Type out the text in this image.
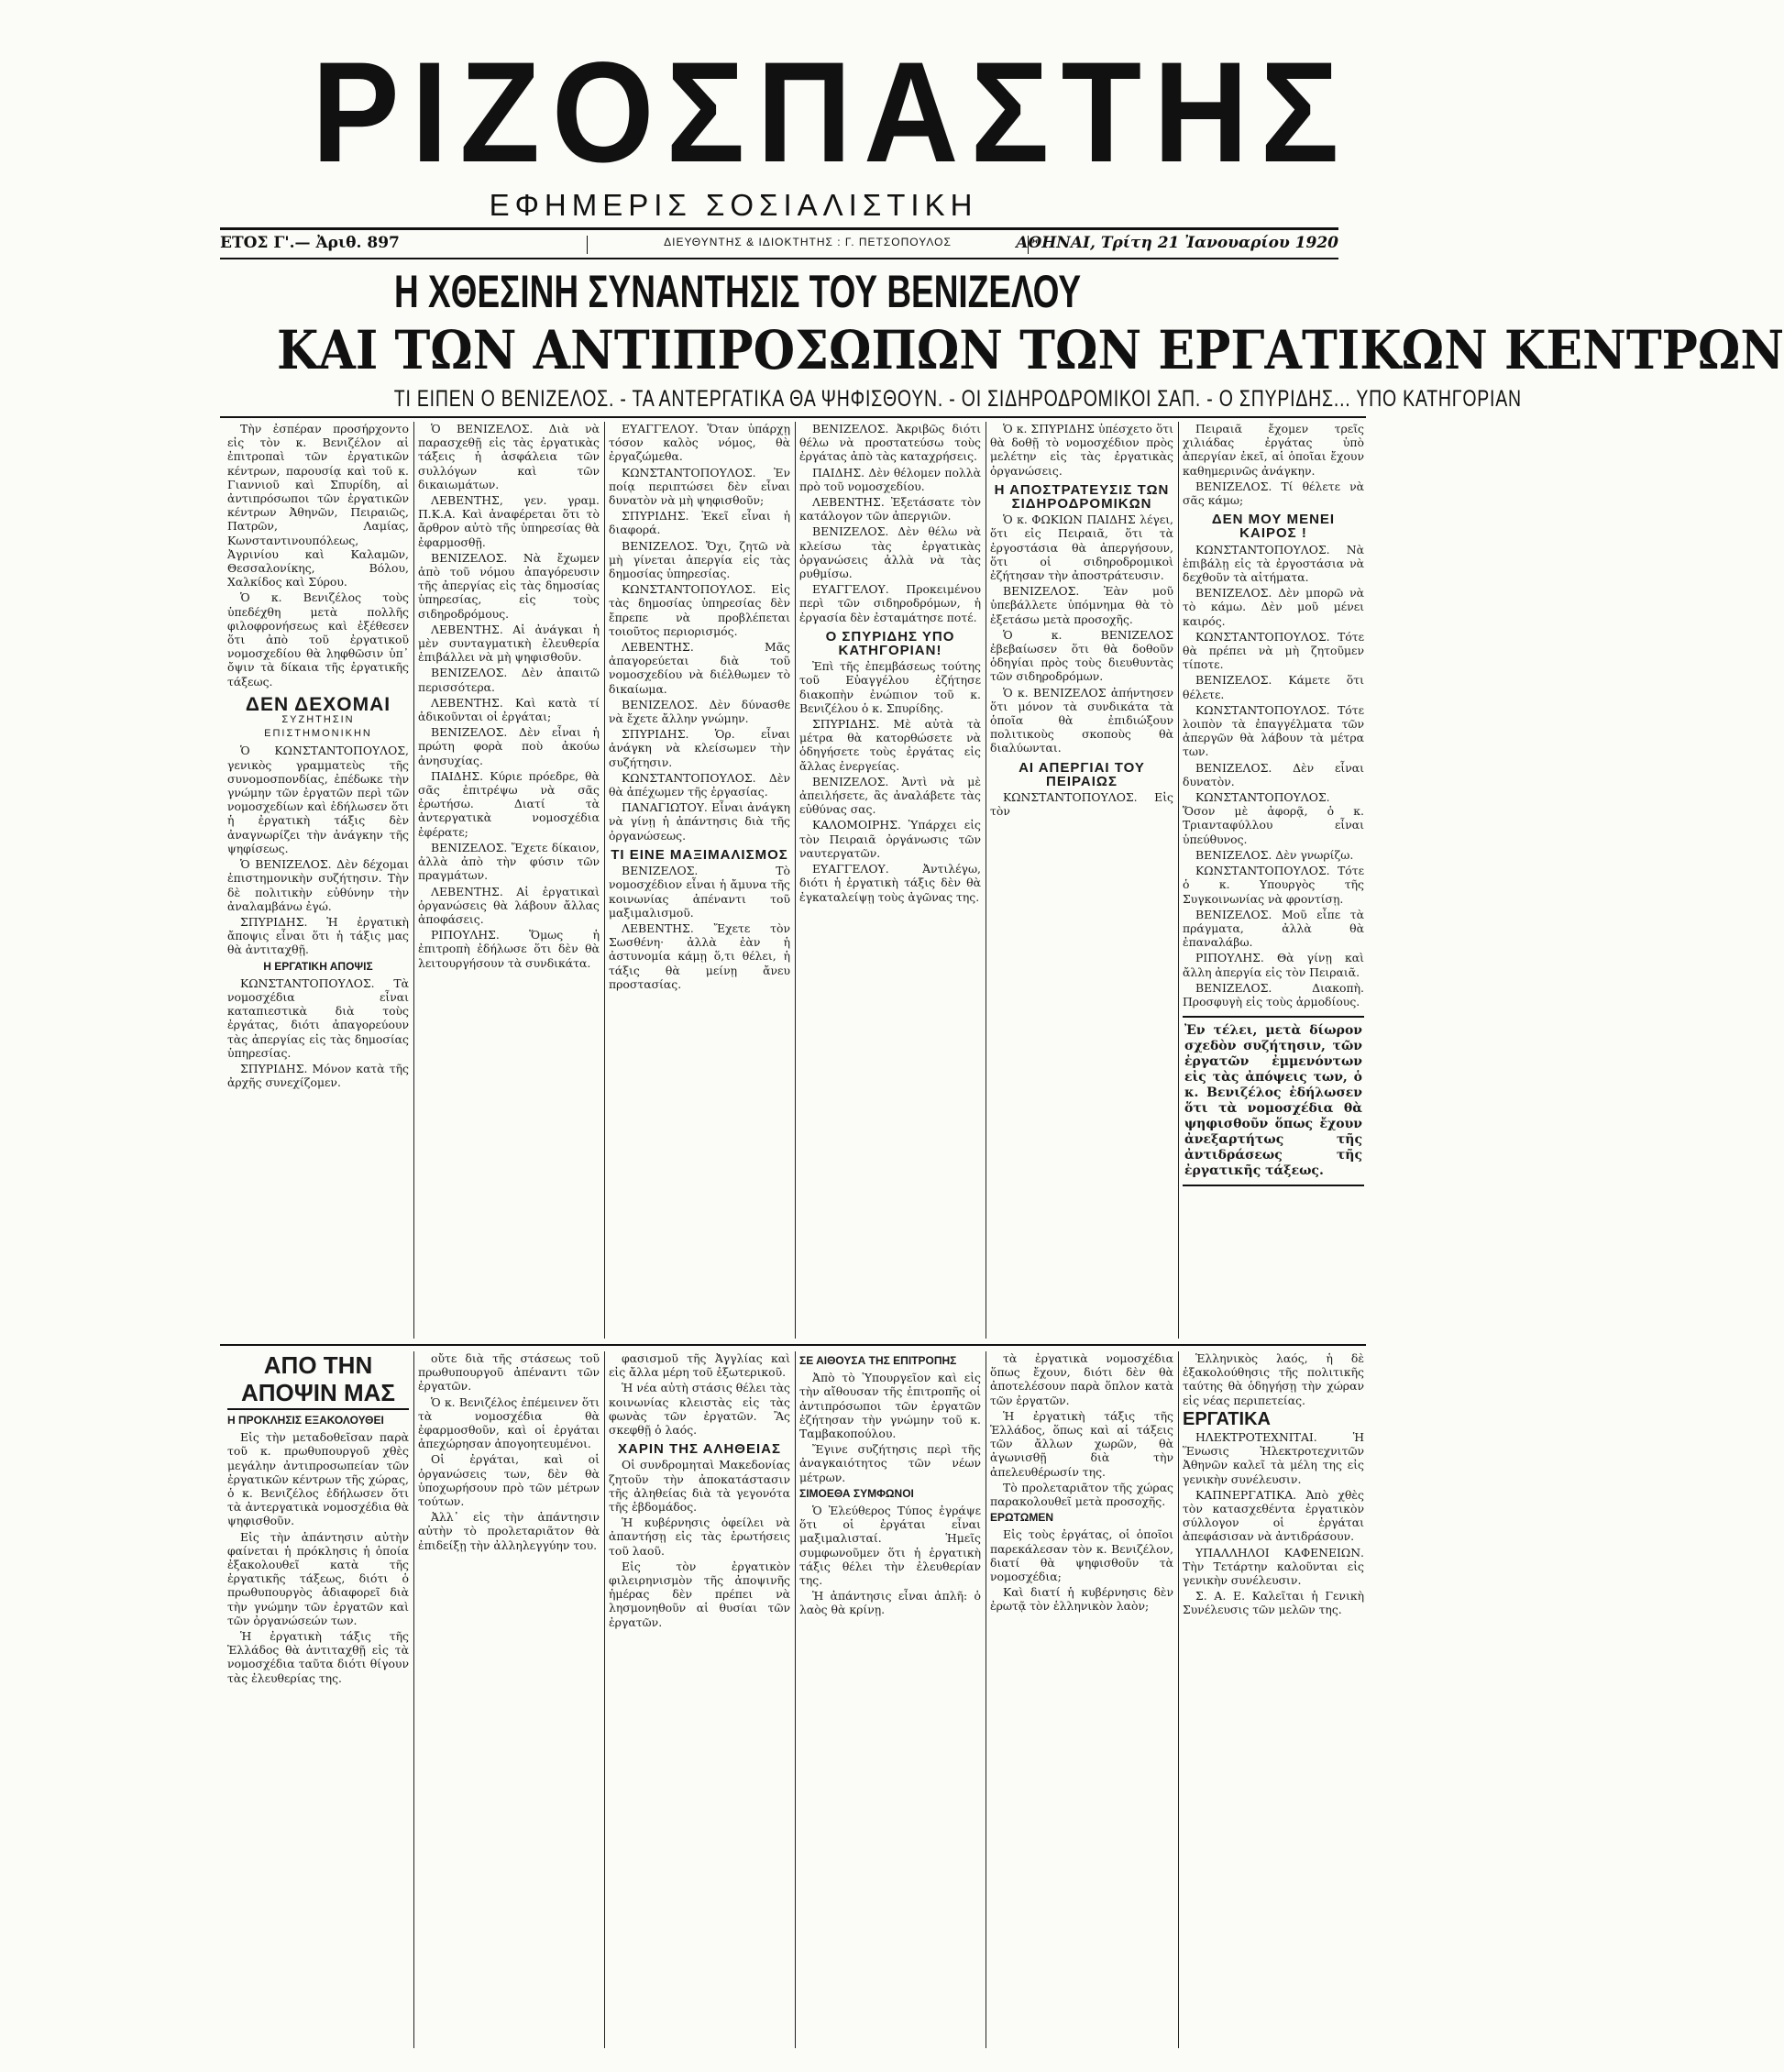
ΡΙΖΟΣΠΑΣΤΗΣ
ΕΦΗΜΕΡΙΣ ΣΟΣΙΑΛΙΣΤΙΚΗ
ΕΤΟΣ Γ'.— Ἀριθ. 897	ΔΙΕΥΘΥΝΤΗΣ & ΙΔΙΟΚΤΗΤΗΣ : Γ. ΠΕΤΣΟΠΟΥΛΟΣ	ΑΘΗΝΑΙ, Τρίτη 21 Ἰανουαρίου 1920
Η ΧΘΕΣΙΝΗ ΣΥΝΑΝΤΗΣΙΣ ΤΟΥ ΒΕΝΙΖΕΛΟΥ
ΚΑΙ ΤΩΝ ΑΝΤΙΠΡΟΣΩΠΩΝ ΤΩΝ ΕΡΓΑΤΙΚΩΝ ΚΕΝΤΡΩΝ
ΤΙ ΕΙΠΕΝ Ο ΒΕΝΙΖΕΛΟΣ. - ΤΑ ΑΝΤΕΡΓΑΤΙΚΑ ΘΑ ΨΗΦΙΣΘΟΥΝ. - ΟΙ ΣΙΔΗΡΟΔΡΟΜΙΚΟΙ ΣΑΠ. - Ο ΣΠΥΡΙΔΗΣ... ΥΠΟ ΚΑΤΗΓΟΡΙΑΝ

Τὴν ἐσπέραν προσήρχοντο εἰς τὸν κ. Βενιζέλον αἱ ἐπιτροπαὶ τῶν ἐργατικῶν κέντρων, παρουσίᾳ καὶ τοῦ κ. Γιαννιοῦ καὶ Σπυρίδη, αἱ ἀντιπρόσωποι τῶν ἐργατικῶν κέντρων Ἀθηνῶν, Πειραιῶς, Πατρῶν, Λαμίας, Κωνσταντινουπόλεως, Ἀγρινίου καὶ Καλαμῶν, Θεσσαλονίκης, Βόλου, Χαλκίδος καὶ Σύρου.

Ὁ κ. Βενιζέλος τοὺς ὑπεδέχθη μετὰ πολλῆς φιλοφρονήσεως καὶ ἐξέθεσεν ὅτι ἀπὸ τοῦ ἐργατικοῦ νομοσχεδίου θὰ ληφθῶσιν ὑπ᾿ ὄψιν τὰ δίκαια τῆς ἐργατικῆς τάξεως.

ΔΕΝ ΔΕΧΟΜΑΙ
ΣΥΖΗΤΗΣΙΝ ΕΠΙΣΤΗΜΟΝΙΚΗΝ

Ὁ ΚΩΝΣΤΑΝΤΟΠΟΥΛΟΣ, γενικὸς γραμματεὺς τῆς συνομοσπονδίας, ἐπέδωκε τὴν γνώμην τῶν ἐργατῶν περὶ τῶν νομοσχεδίων καὶ ἐδήλωσεν ὅτι ἡ ἐργατικὴ τάξις δὲν ἀναγνωρίζει τὴν ἀνάγκην τῆς ψηφίσεως.

Ὁ ΒΕΝΙΖΕΛΟΣ. Δὲν δέχομαι ἐπιστημονικὴν συζήτησιν. Τὴν δὲ πολιτικὴν εὐθύνην τὴν ἀναλαμβάνω ἐγώ.

ΣΠΥΡΙΔΗΣ. Ἡ ἐργατικὴ ἄποψις εἶναι ὅτι ἡ τάξις μας θὰ ἀντιταχθῇ.

Η ΕΡΓΑΤΙΚΗ ΑΠΟΨΙΣ

ΚΩΝΣΤΑΝΤΟΠΟΥΛΟΣ. Τὰ νομοσχέδια εἶναι καταπιεστικὰ διὰ τοὺς ἐργάτας, διότι ἀπαγορεύουν τὰς ἀπεργίας εἰς τὰς δημοσίας ὑπηρεσίας.

ΣΠΥΡΙΔΗΣ. Μόνον κατὰ τῆς ἀρχῆς συνεχίζομεν.

Ὁ ΒΕΝΙΖΕΛΟΣ. Διὰ νὰ παρασχεθῇ εἰς τὰς ἐργατικὰς τάξεις ἡ ἀσφάλεια τῶν συλλόγων καὶ τῶν δικαιωμάτων.

ΛΕΒΕΝΤΗΣ, γεν. γραμ. Π.Κ.Α. Καὶ ἀναφέρεται ὅτι τὸ ἄρθρον αὐτὸ τῆς ὑπηρεσίας θὰ ἐφαρμοσθῇ.

ΒΕΝΙΖΕΛΟΣ. Νὰ ἔχωμεν ἀπὸ τοῦ νόμου ἀπαγόρευσιν τῆς ἀπεργίας εἰς τὰς δημοσίας ὑπηρεσίας, εἰς τοὺς σιδηροδρόμους.

ΛΕΒΕΝΤΗΣ. Αἱ ἀνάγκαι ἡ μὲν συνταγματικὴ ἐλευθερία ἐπιβάλλει νὰ μὴ ψηφισθοῦν.

ΒΕΝΙΖΕΛΟΣ. Δὲν ἀπαιτῶ περισσότερα.

ΛΕΒΕΝΤΗΣ. Καὶ κατὰ τί ἀδικοῦνται οἱ ἐργάται;

ΒΕΝΙΖΕΛΟΣ. Δὲν εἶναι ἡ πρώτη φορὰ ποὺ ἀκούω ἀνησυχίας.

ΠΑΙΔΗΣ. Κύριε πρόεδρε, θὰ σᾶς ἐπιτρέψω νὰ σᾶς ἐρωτήσω. Διατί τὰ ἀντεργατικὰ νομοσχέδια ἐφέρατε;

ΒΕΝΙΖΕΛΟΣ. Ἔχετε δίκαιον, ἀλλὰ ἀπὸ τὴν φύσιν τῶν πραγμάτων.

ΛΕΒΕΝΤΗΣ. Αἱ ἐργατικαὶ ὀργανώσεις θὰ λάβουν ἄλλας ἀποφάσεις.

ΡΙΠΟΥΛΗΣ. Ὅμως ἡ ἐπιτροπὴ ἐδήλωσε ὅτι δὲν θὰ λειτουργήσουν τὰ συνδικάτα.

ΕΥΑΓΓΕΛΟΥ. Ὅταν ὑπάρχῃ τόσον καλὸς νόμος, θὰ ἐργαζώμεθα.

ΚΩΝΣΤΑΝΤΟΠΟΥΛΟΣ. Ἐν ποίᾳ περιπτώσει δὲν εἶναι δυνατὸν νὰ μὴ ψηφισθοῦν;

ΣΠΥΡΙΔΗΣ. Ἐκεῖ εἶναι ἡ διαφορά.

ΒΕΝΙΖΕΛΟΣ. Ὄχι, ζητῶ νὰ μὴ γίνεται ἀπεργία εἰς τὰς δημοσίας ὑπηρεσίας.

ΚΩΝΣΤΑΝΤΟΠΟΥΛΟΣ. Εἰς τὰς δημοσίας ὑπηρεσίας δὲν ἔπρεπε νὰ προβλέπεται τοιοῦτος περιορισμός.

ΛΕΒΕΝΤΗΣ. Μᾶς ἀπαγορεύεται διὰ τοῦ νομοσχεδίου νὰ διέλθωμεν τὸ δικαίωμα.

ΒΕΝΙΖΕΛΟΣ. Δὲν δύνασθε νὰ ἔχετε ἄλλην γνώμην.

ΣΠΥΡΙΔΗΣ. Ὁρ. εἶναι ἀνάγκη νὰ κλείσωμεν τὴν συζήτησιν.

ΚΩΝΣΤΑΝΤΟΠΟΥΛΟΣ. Δὲν θὰ ἀπέχωμεν τῆς ἐργασίας.

ΠΑΝΑΓΙΩΤΟΥ. Εἶναι ἀνάγκη νὰ γίνῃ ἡ ἀπάντησις διὰ τῆς ὀργανώσεως.

ΤΙ ΕΙΝΕ ΜΑΞΙΜΑΛΙΣΜΟΣ

ΒΕΝΙΖΕΛΟΣ. Τὸ νομοσχέδιον εἶναι ἡ ἄμυνα τῆς κοινωνίας ἀπέναντι τοῦ μαξιμαλισμοῦ.

ΛΕΒΕΝΤΗΣ. Ἔχετε τὸν Σωσθένη· ἀλλὰ ἐὰν ἡ ἀστυνομία κάμῃ ὅ,τι θέλει, ἡ τάξις θὰ μείνῃ ἄνευ προστασίας.

ΒΕΝΙΖΕΛΟΣ. Ἀκριβῶς διότι θέλω νὰ προστατεύσω τοὺς ἐργάτας ἀπὸ τὰς καταχρήσεις.

ΠΑΙΔΗΣ. Δὲν θέλομεν πολλὰ πρὸ τοῦ νομοσχεδίου.

ΛΕΒΕΝΤΗΣ. Ἐξετάσατε τὸν κατάλογον τῶν ἀπεργιῶν.

ΒΕΝΙΖΕΛΟΣ. Δὲν θέλω νὰ κλείσω τὰς ἐργατικὰς ὀργανώσεις ἀλλὰ νὰ τὰς ρυθμίσω.

ΕΥΑΓΓΕΛΟΥ. Προκειμένου περὶ τῶν σιδηροδρόμων, ἡ ἐργασία δὲν ἐσταμάτησε ποτέ.

Ο ΣΠΥΡΙΔΗΣ ΥΠΟ ΚΑΤΗΓΟΡΙΑΝ!

Ἐπὶ τῆς ἐπεμβάσεως τούτης τοῦ Εὐαγγέλου ἐζήτησε διακοπὴν ἐνώπιον τοῦ κ. Βενιζέλου ὁ κ. Σπυρίδης.

ΣΠΥΡΙΔΗΣ. Μὲ αὐτὰ τὰ μέτρα θὰ κατορθώσετε νὰ ὁδηγήσετε τοὺς ἐργάτας εἰς ἄλλας ἐνεργείας.

ΒΕΝΙΖΕΛΟΣ. Ἀντὶ νὰ μὲ ἀπειλήσετε, ἂς ἀναλάβετε τὰς εὐθύνας σας.

ΚΑΛΟΜΟΙΡΗΣ. Ὑπάρχει εἰς τὸν Πειραιᾶ ὀργάνωσις τῶν ναυτεργατῶν.

ΕΥΑΓΓΕΛΟΥ. Ἀντιλέγω, διότι ἡ ἐργατικὴ τάξις δὲν θὰ ἐγκαταλείψῃ τοὺς ἀγῶνας της.

Ὁ κ. ΣΠΥΡΙΔΗΣ ὑπέσχετο ὅτι θὰ δοθῇ τὸ νομοσχέδιον πρὸς μελέτην εἰς τὰς ἐργατικὰς ὀργανώσεις.

Η ΑΠΟΣΤΡΑΤΕΥΣΙΣ ΤΩΝ ΣΙΔΗΡΟΔΡΟΜΙΚΩΝ

Ὁ κ. ΦΩΚΙΩΝ ΠΑΙΔΗΣ λέγει, ὅτι εἰς Πειραιᾶ, ὅτι τὰ ἐργοστάσια θὰ ἀπεργήσουν, ὅτι οἱ σιδηροδρομικοὶ ἐζήτησαν τὴν ἀποστράτευσιν.

ΒΕΝΙΖΕΛΟΣ. Ἐὰν μοῦ ὑπεβάλλετε ὑπόμνημα θὰ τὸ ἐξετάσω μετὰ προσοχῆς.

Ὁ κ. ΒΕΝΙΖΕΛΟΣ ἐβεβαίωσεν ὅτι θὰ δοθοῦν ὁδηγίαι πρὸς τοὺς διευθυντὰς τῶν σιδηροδρόμων.

Ὁ κ. ΒΕΝΙΖΕΛΟΣ ἀπήντησεν ὅτι μόνον τὰ συνδικάτα τὰ ὁποῖα θὰ ἐπιδιώξουν πολιτικοὺς σκοποὺς θὰ διαλύωνται.

ΑΙ ΑΠΕΡΓΙΑΙ ΤΟΥ ΠΕΙΡΑΙΩΣ

ΚΩΝΣΤΑΝΤΟΠΟΥΛΟΣ. Εἰς τὸν

Πειραιᾶ ἔχομεν τρεῖς χιλιάδας ἐργάτας ὑπὸ ἀπεργίαν ἐκεῖ, αἱ ὁποῖαι ἔχουν καθημερινῶς ἀνάγκην.

ΒΕΝΙΖΕΛΟΣ. Τί θέλετε νὰ σᾶς κάμω;

ΔΕΝ ΜΟΥ ΜΕΝΕΙ ΚΑΙΡΟΣ !

ΚΩΝΣΤΑΝΤΟΠΟΥΛΟΣ. Νὰ ἐπιβάλῃ εἰς τὰ ἐργοστάσια νὰ δεχθοῦν τὰ αἰτήματα.

ΒΕΝΙΖΕΛΟΣ. Δὲν μπορῶ νὰ τὸ κάμω. Δὲν μοῦ μένει καιρός.

ΚΩΝΣΤΑΝΤΟΠΟΥΛΟΣ. Τότε θὰ πρέπει νὰ μὴ ζητοῦμεν τίποτε.

ΒΕΝΙΖΕΛΟΣ. Κάμετε ὅτι θέλετε.

ΚΩΝΣΤΑΝΤΟΠΟΥΛΟΣ. Τότε λοιπὸν τὰ ἐπαγγέλματα τῶν ἀπεργῶν θὰ λάβουν τὰ μέτρα των.

ΒΕΝΙΖΕΛΟΣ. Δὲν εἶναι δυνατὸν.

ΚΩΝΣΤΑΝΤΟΠΟΥΛΟΣ. Ὅσον μὲ ἀφορᾷ, ὁ κ. Τριανταφύλλου εἶναι ὑπεύθυνος.

ΒΕΝΙΖΕΛΟΣ. Δὲν γνωρίζω.

ΚΩΝΣΤΑΝΤΟΠΟΥΛΟΣ. Τότε ὁ κ. Υπουργὸς τῆς Συγκοινωνίας νὰ φροντίσῃ.

ΒΕΝΙΖΕΛΟΣ. Μοῦ εἶπε τὰ πράγματα, ἀλλὰ θὰ ἐπαναλάβω.

ΡΙΠΟΥΛΗΣ. Θὰ γίνῃ καὶ ἄλλη ἀπεργία εἰς τὸν Πειραιᾶ.

ΒΕΝΙΖΕΛΟΣ. Διακοπὴ. Προσφυγὴ εἰς τοὺς ἀρμοδίους.

Ἐν τέλει, μετὰ δίωρον σχεδὸν συζήτησιν, τῶν ἐργατῶν ἐμμενόντων εἰς τὰς ἀπόψεις των, ὁ κ. Βενιζέλος ἐδήλωσεν ὅτι τὰ νομοσχέδια θὰ ψηφισθοῦν ὅπως ἔχουν ἀνεξαρτήτως τῆς ἀντιδράσεως τῆς ἐργατικῆς τάξεως.
ΑΠΟ ΤΗΝ
ΑΠΟΨΙΝ ΜΑΣ
Η ΠΡΟΚΛΗΣΙΣ ΕΞΑΚΟΛΟΥΘΕΙ

Εἰς τὴν μεταδοθεῖσαν παρὰ τοῦ κ. πρωθυπουργοῦ χθὲς μεγάλην ἀντιπροσωπείαν τῶν ἐργατικῶν κέντρων τῆς χώρας, ὁ κ. Βενιζέλος ἐδήλωσεν ὅτι τὰ ἀντεργατικὰ νομοσχέδια θὰ ψηφισθοῦν.

Εἰς τὴν ἀπάντησιν αὐτὴν φαίνεται ἡ πρόκλησις ἡ ὁποία ἐξακολουθεῖ κατὰ τῆς ἐργατικῆς τάξεως, διότι ὁ πρωθυπουργὸς ἀδιαφορεῖ διὰ τὴν γνώμην τῶν ἐργατῶν καὶ τῶν ὀργανώσεών των.

Ἡ ἐργατικὴ τάξις τῆς Ἑλλάδος θὰ ἀντιταχθῇ εἰς τὰ νομοσχέδια ταῦτα διότι θίγουν τὰς ἐλευθερίας της.

οὔτε διὰ τῆς στάσεως τοῦ πρωθυπουργοῦ ἀπέναντι τῶν ἐργατῶν.

Ὁ κ. Βενιζέλος ἐπέμεινεν ὅτι τὰ νομοσχέδια θὰ ἐφαρμοσθοῦν, καὶ οἱ ἐργάται ἀπεχώρησαν ἀπογοητευμένοι.

Οἱ ἐργάται, καὶ οἱ ὀργανώσεις των, δὲν θὰ ὑποχωρήσουν πρὸ τῶν μέτρων τούτων.

Ἀλλ᾿ εἰς τὴν ἀπάντησιν αὐτὴν τὸ προλεταριᾶτον θὰ ἐπιδείξῃ τὴν ἀλληλεγγύην του.

φασισμοῦ τῆς Ἀγγλίας καὶ εἰς ἄλλα μέρη τοῦ ἐξωτερικοῦ.

Ἡ νέα αὐτὴ στάσις θέλει τὰς κοινωνίας κλειστὰς εἰς τὰς φωνὰς τῶν ἐργατῶν. Ἂς σκεφθῇ ὁ λαός.

ΧΑΡΙΝ ΤΗΣ ΑΛΗΘΕΙΑΣ

Οἱ συνδρομηταὶ Μακεδονίας ζητοῦν τὴν ἀποκατάστασιν τῆς ἀληθείας διὰ τὰ γεγονότα τῆς ἑβδομάδος.

Ἡ κυβέρνησις ὀφείλει νὰ ἀπαντήσῃ εἰς τὰς ἐρωτήσεις τοῦ λαοῦ.

Εἰς τὸν ἐργατικὸν φιλειρηνισμὸν τῆς ἀποψινῆς ἡμέρας δὲν πρέπει νὰ λησμονηθοῦν αἱ θυσίαι τῶν ἐργατῶν.

ΣΕ ΑΙΘΟΥΣΑ ΤΗΣ ΕΠΙΤΡΟΠΗΣ

Ἀπὸ τὸ Ὑπουργεῖον καὶ εἰς τὴν αἴθουσαν τῆς ἐπιτροπῆς οἱ ἀντιπρόσωποι τῶν ἐργατῶν ἐζήτησαν τὴν γνώμην τοῦ κ. Ταμβακοπούλου.

Ἔγινε συζήτησις περὶ τῆς ἀναγκαιότητος τῶν νέων μέτρων.

ΣΙΜΟΕΘΑ ΣΥΜΦΩΝΟΙ

Ὁ Ἐλεύθερος Τύπος ἐγράψε ὅτι οἱ ἐργάται εἶναι μαξιμαλισταί. Ἡμεῖς συμφωνοῦμεν ὅτι ἡ ἐργατικὴ τάξις θέλει τὴν ἐλευθερίαν της.

Ἡ ἀπάντησις εἶναι ἁπλῆ: ὁ λαὸς θὰ κρίνῃ.

τὰ ἐργατικὰ νομοσχέδια ὅπως ἔχουν, διότι δὲν θὰ ἀποτελέσουν παρὰ ὅπλον κατὰ τῶν ἐργατῶν.

Ἡ ἐργατικὴ τάξις τῆς Ἑλλάδος, ὅπως καὶ αἱ τάξεις τῶν ἄλλων χωρῶν, θὰ ἀγωνισθῇ διὰ τὴν ἀπελευθέρωσίν της.

Τὸ προλεταριᾶτον τῆς χώρας παρακολουθεῖ μετὰ προσοχῆς.

ΕΡΩΤΩΜΕΝ

Εἰς τοὺς ἐργάτας, οἱ ὁποῖοι παρεκάλεσαν τὸν κ. Βενιζέλον, διατί θὰ ψηφισθοῦν τὰ νομοσχέδια;

Καὶ διατί ἡ κυβέρνησις δὲν ἐρωτᾷ τὸν ἑλληνικὸν λαὸν;

Ἑλληνικὸς λαός, ἡ δὲ ἐξακολούθησις τῆς πολιτικῆς ταύτης θὰ ὁδηγήσῃ τὴν χώραν εἰς νέας περιπετείας.

ΕΡΓΑΤΙΚΑ

ΗΛΕΚΤΡΟΤΕΧΝΙΤΑΙ. Ἡ Ἕνωσις Ἠλεκτροτεχνιτῶν Ἀθηνῶν καλεῖ τὰ μέλη της εἰς γενικὴν συνέλευσιν.

ΚΑΠΝΕΡΓΑΤΙΚΑ. Ἀπὸ χθὲς τὸν κατασχεθέντα ἐργατικὸν σύλλογον οἱ ἐργάται ἀπεφάσισαν νὰ ἀντιδράσουν.

ΥΠΑΛΛΗΛΟΙ ΚΑΦΕΝΕΙΩΝ. Τὴν Τετάρτην καλοῦνται εἰς γενικὴν συνέλευσιν.

Σ. Α. Ε. Καλεῖται ἡ Γενικὴ Συνέλευσις τῶν μελῶν της.
